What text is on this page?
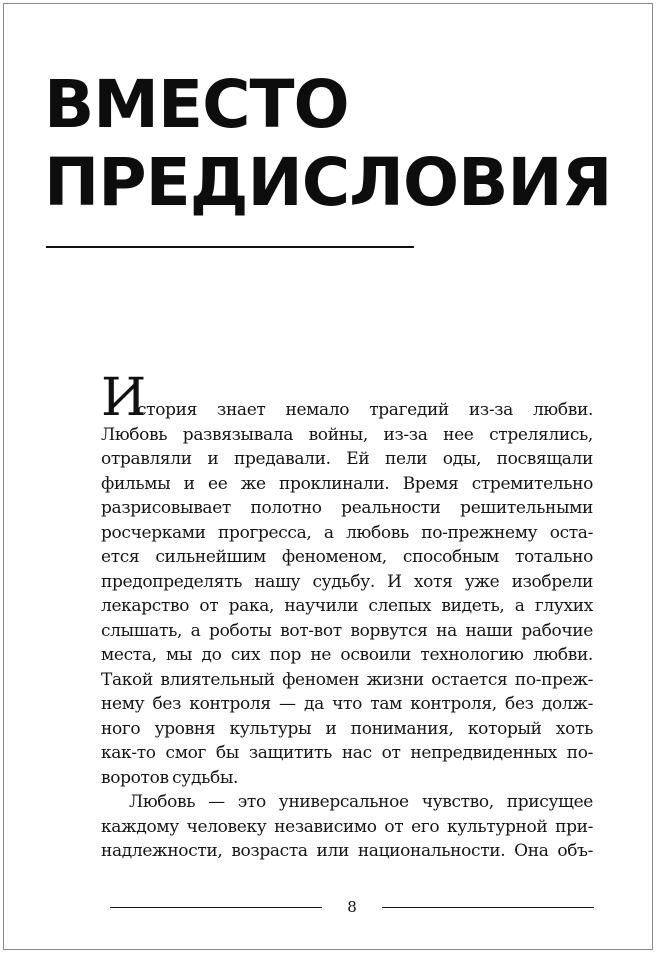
ВМЕСТО
ПРЕДИСЛОВИЯ

И
стория знает немало трагедий из-за любви.
Любовь развязывала войны, из-за нее стрелялись,
отравляли и предавали. Ей пели оды, посвящали
фильмы и ее же проклинали. Время стремительно
разрисовывает полотно реальности решительными
росчерками прогресса, а любовь по-прежнему оста-
ется сильнейшим феноменом, способным тотально
предопределять нашу судьбу. И хотя уже изобрели
лекарство от рака, научили слепых видеть, а глухих
слышать, а роботы вот-вот ворвутся на наши рабочие
места, мы до сих пор не освоили технологию любви.
Такой влиятельный феномен жизни остается по-преж-
нему без контроля — да что там контроля, без долж-
ного уровня культуры и понимания, который хоть
как-то смог бы защитить нас от непредвиденных по-
воротов судьбы.

Любовь — это универсальное чувство, присущее
каждому человеку независимо от его культурной при-
надлежности, возраста или национальности. Она объ-

8
